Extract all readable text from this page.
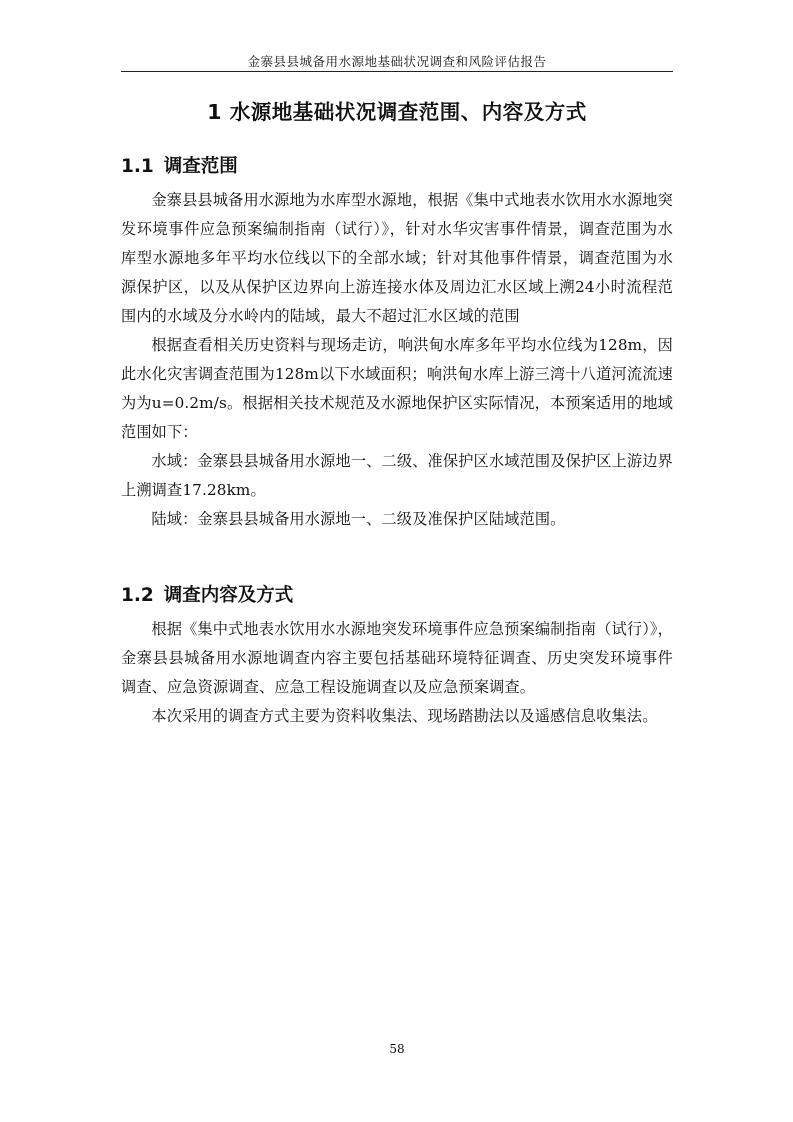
金寨县县城备用水源地基础状况调查和风险评估报告
1 水源地基础状况调查范围、内容及方式
1.1 调查范围

金寨县县城备用水源地为水库型水源地，根据《集中式地表水饮用水水源地突发环境事件应急预案编制指南（试行）》，针对水华灾害事件情景，调查范围为水库型水源地多年平均水位线以下的全部水域；针对其他事件情景，调查范围为水源保护区，以及从保护区边界向上游连接水体及周边汇水区域上溯24小时流程范围内的水域及分水岭内的陆域，最大不超过汇水区域的范围

根据查看相关历史资料与现场走访，响洪甸水库多年平均水位线为128m，因此水化灾害调查范围为128m以下水域面积；响洪甸水库上游三湾十八道河流流速为为u=0.2m/s。根据相关技术规范及水源地保护区实际情况，本预案适用的地域范围如下：

水域：金寨县县城备用水源地一、二级、准保护区水域范围及保护区上游边界上溯调查17.28km。

陆域：金寨县县城备用水源地一、二级及准保护区陆域范围。

1.2 调查内容及方式

根据《集中式地表水饮用水水源地突发环境事件应急预案编制指南（试行）》，金寨县县城备用水源地调查内容主要包括基础环境特征调查、历史突发环境事件调查、应急资源调查、应急工程设施调查以及应急预案调查。

本次采用的调查方式主要为资料收集法、现场踏勘法以及遥感信息收集法。

58
